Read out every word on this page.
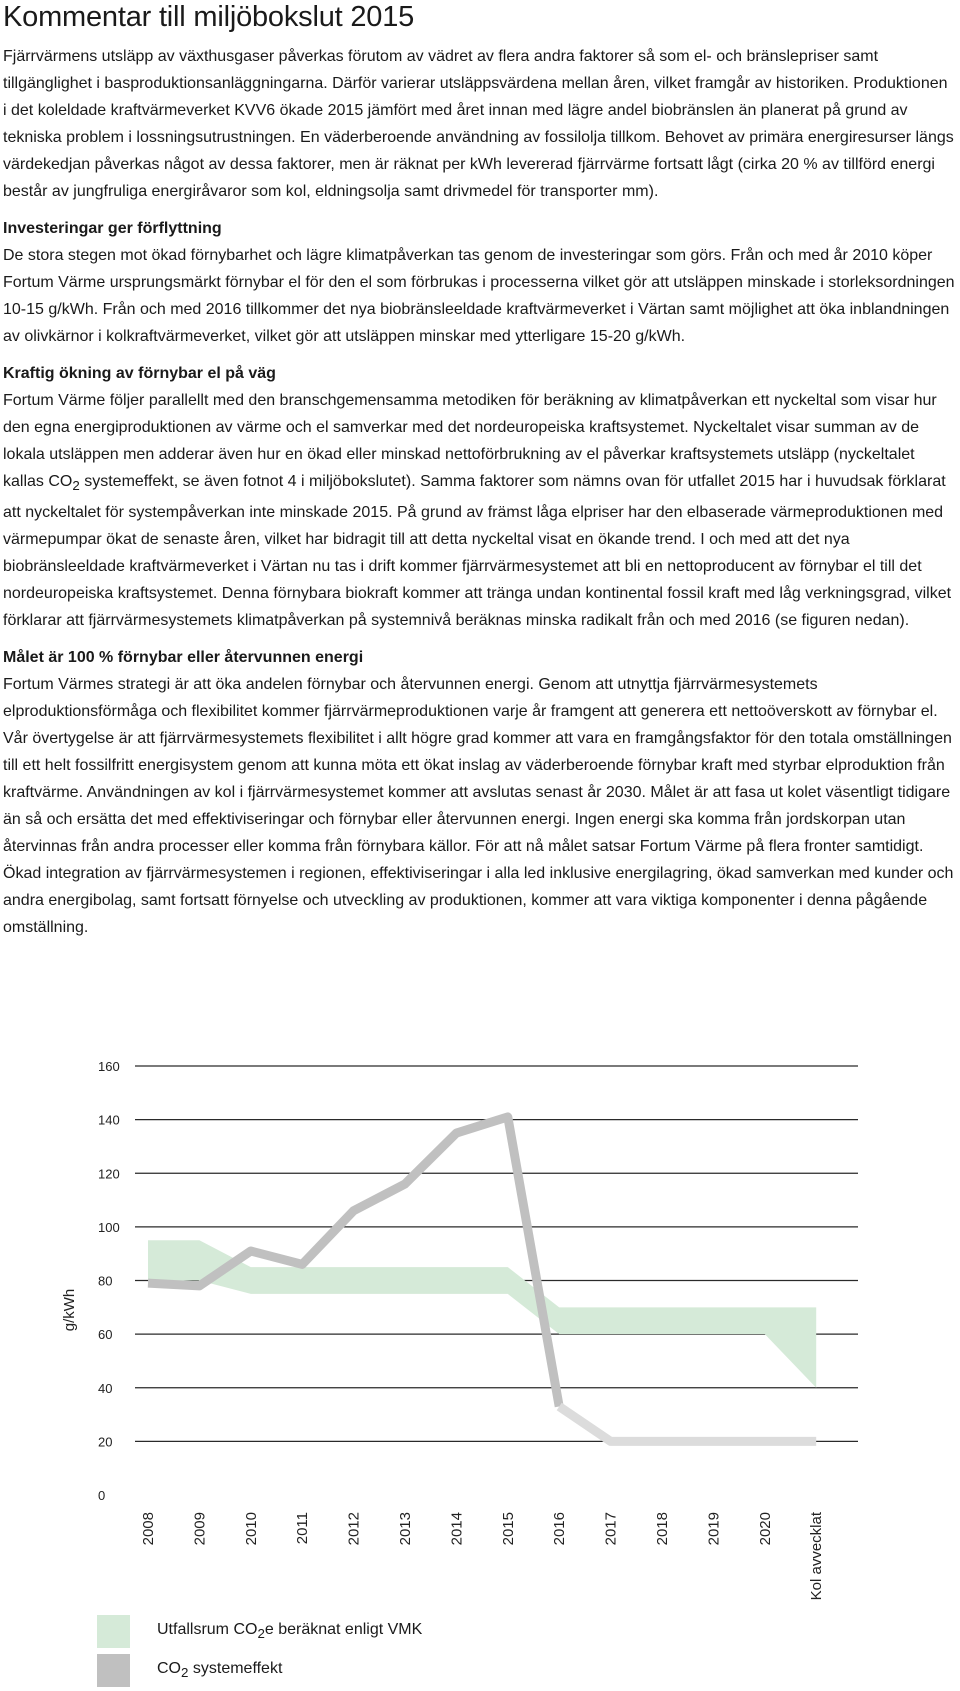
Kommentar till miljöbokslut 2015

Fjärrvärmens utsläpp av växthusgaser påverkas förutom av vädret av flera andra faktorer så som el- och bränslepriser samt tillgänglighet i basproduktionsanläggningarna. Därför varierar utsläppsvärdena mellan åren, vilket framgår av historiken. Produktionen i det koleldade kraftvärmeverket KVV6 ökade 2015 jämfört med året innan med lägre andel biobränslen än planerat på grund av tekniska problem i lossningsutrustningen. En väderberoende användning av fossilolja tillkom. Behovet av primära energiresurser längs värdekedjan påverkas något av dessa faktorer, men är räknat per kWh levererad fjärrvärme fortsatt lågt (cirka 20 % av tillförd energi består av jungfruliga energiråvaror som kol, eldningsolja samt drivmedel för transporter mm).

Investeringar ger förflyttning

De stora stegen mot ökad förnybarhet och lägre klimatpåverkan tas genom de investeringar som görs. Från och med år 2010 köper Fortum Värme ursprungsmärkt förnybar el för den el som förbrukas i processerna vilket gör att utsläppen minskade i storleksordningen 10-15 g/kWh. Från och med 2016 tillkommer det nya biobränsleeldade kraftvärmeverket i Värtan samt möjlighet att öka inblandningen av olivkärnor i kolkraftvärmeverket, vilket gör att utsläppen minskar med ytterligare 15-20 g/kWh.

Kraftig ökning av förnybar el på väg

Fortum Värme följer parallellt med den branschgemensamma metodiken för beräkning av klimatpåverkan ett nyckeltal som visar hur den egna energiproduktionen av värme och el samverkar med det nordeuropeiska kraftsystemet. Nyckeltalet visar summan av de lokala utsläppen men adderar även hur en ökad eller minskad nettoförbrukning av el påverkar kraftsystemets utsläpp (nyckeltalet kallas $CO_2$ systemeffekt, se även fotnot 4 i miljöbokslutet). Samma faktorer som nämns ovan för utfallet 2015 har i huvudsak förklarat att nyckeltalet för systempåverkan inte minskade 2015. På grund av främst låga elpriser har den elbaserade värmeproduktionen med värmepumpar ökat de senaste åren, vilket har bidragit till att detta nyckeltal visat en ökande trend. I och med att det nya biobränsleeldade kraftvärmeverket i Värtan nu tas i drift kommer fjärrvärmesystemet att bli en nettoproducent av förnybar el till det nordeuropeiska kraftsystemet. Denna förnybara biokraft kommer att tränga undan kontinental fossil kraft med låg verkningsgrad, vilket förklarar att fjärrvärmesystemets klimatpåverkan på systemnivå beräknas minska radikalt från och med 2016 (se figuren nedan).

Målet är 100 % förnybar eller återvunnen energi

Fortum Värmes strategi är att öka andelen förnybar och återvunnen energi. Genom att utnyttja fjärrvärmesystemets elproduktionsförmåga och flexibilitet kommer fjärrvärmeproduktionen varje år framgent att generera ett nettoöverskott av förnybar el. Vår övertygelse är att fjärrvärmesystemets flexibilitet i allt högre grad kommer att vara en framgångsfaktor för den totala omställningen till ett helt fossilfritt energisystem genom att kunna möta ett ökat inslag av väderberoende förnybar kraft med styrbar elproduktion från kraftvärme. Användningen av kol i fjärrvärmesystemet kommer att avslutas senast år 2030. Målet är att fasa ut kolet väsentligt tidigare än så och ersätta det med effektiviseringar och förnybar eller återvunnen energi. Ingen energi ska komma från jordskorpan utan återvinnas från andra processer eller komma från förnybara källor. För att nå målet satsar Fortum Värme på flera fronter samtidigt. Ökad integration av fjärrvärmesystemen i regionen, effektiviseringar i alla led inklusive energilagring, ökad samverkan med kunder och andra energibolag, samt fortsatt förnyelse och utveckling av produktionen, kommer att vara viktiga komponenter i denna pågående omställning.

0
20
40
60
80
100
120
140
160
g/kWh
2008 2009 2010 2011 2012 2013 2014 2015 2016 2017 2018 2019 2020 Kol avvecklat
Utfallsrum $CO_2e$ beräknat enligt VMK
$CO_2$ systemeffekt
